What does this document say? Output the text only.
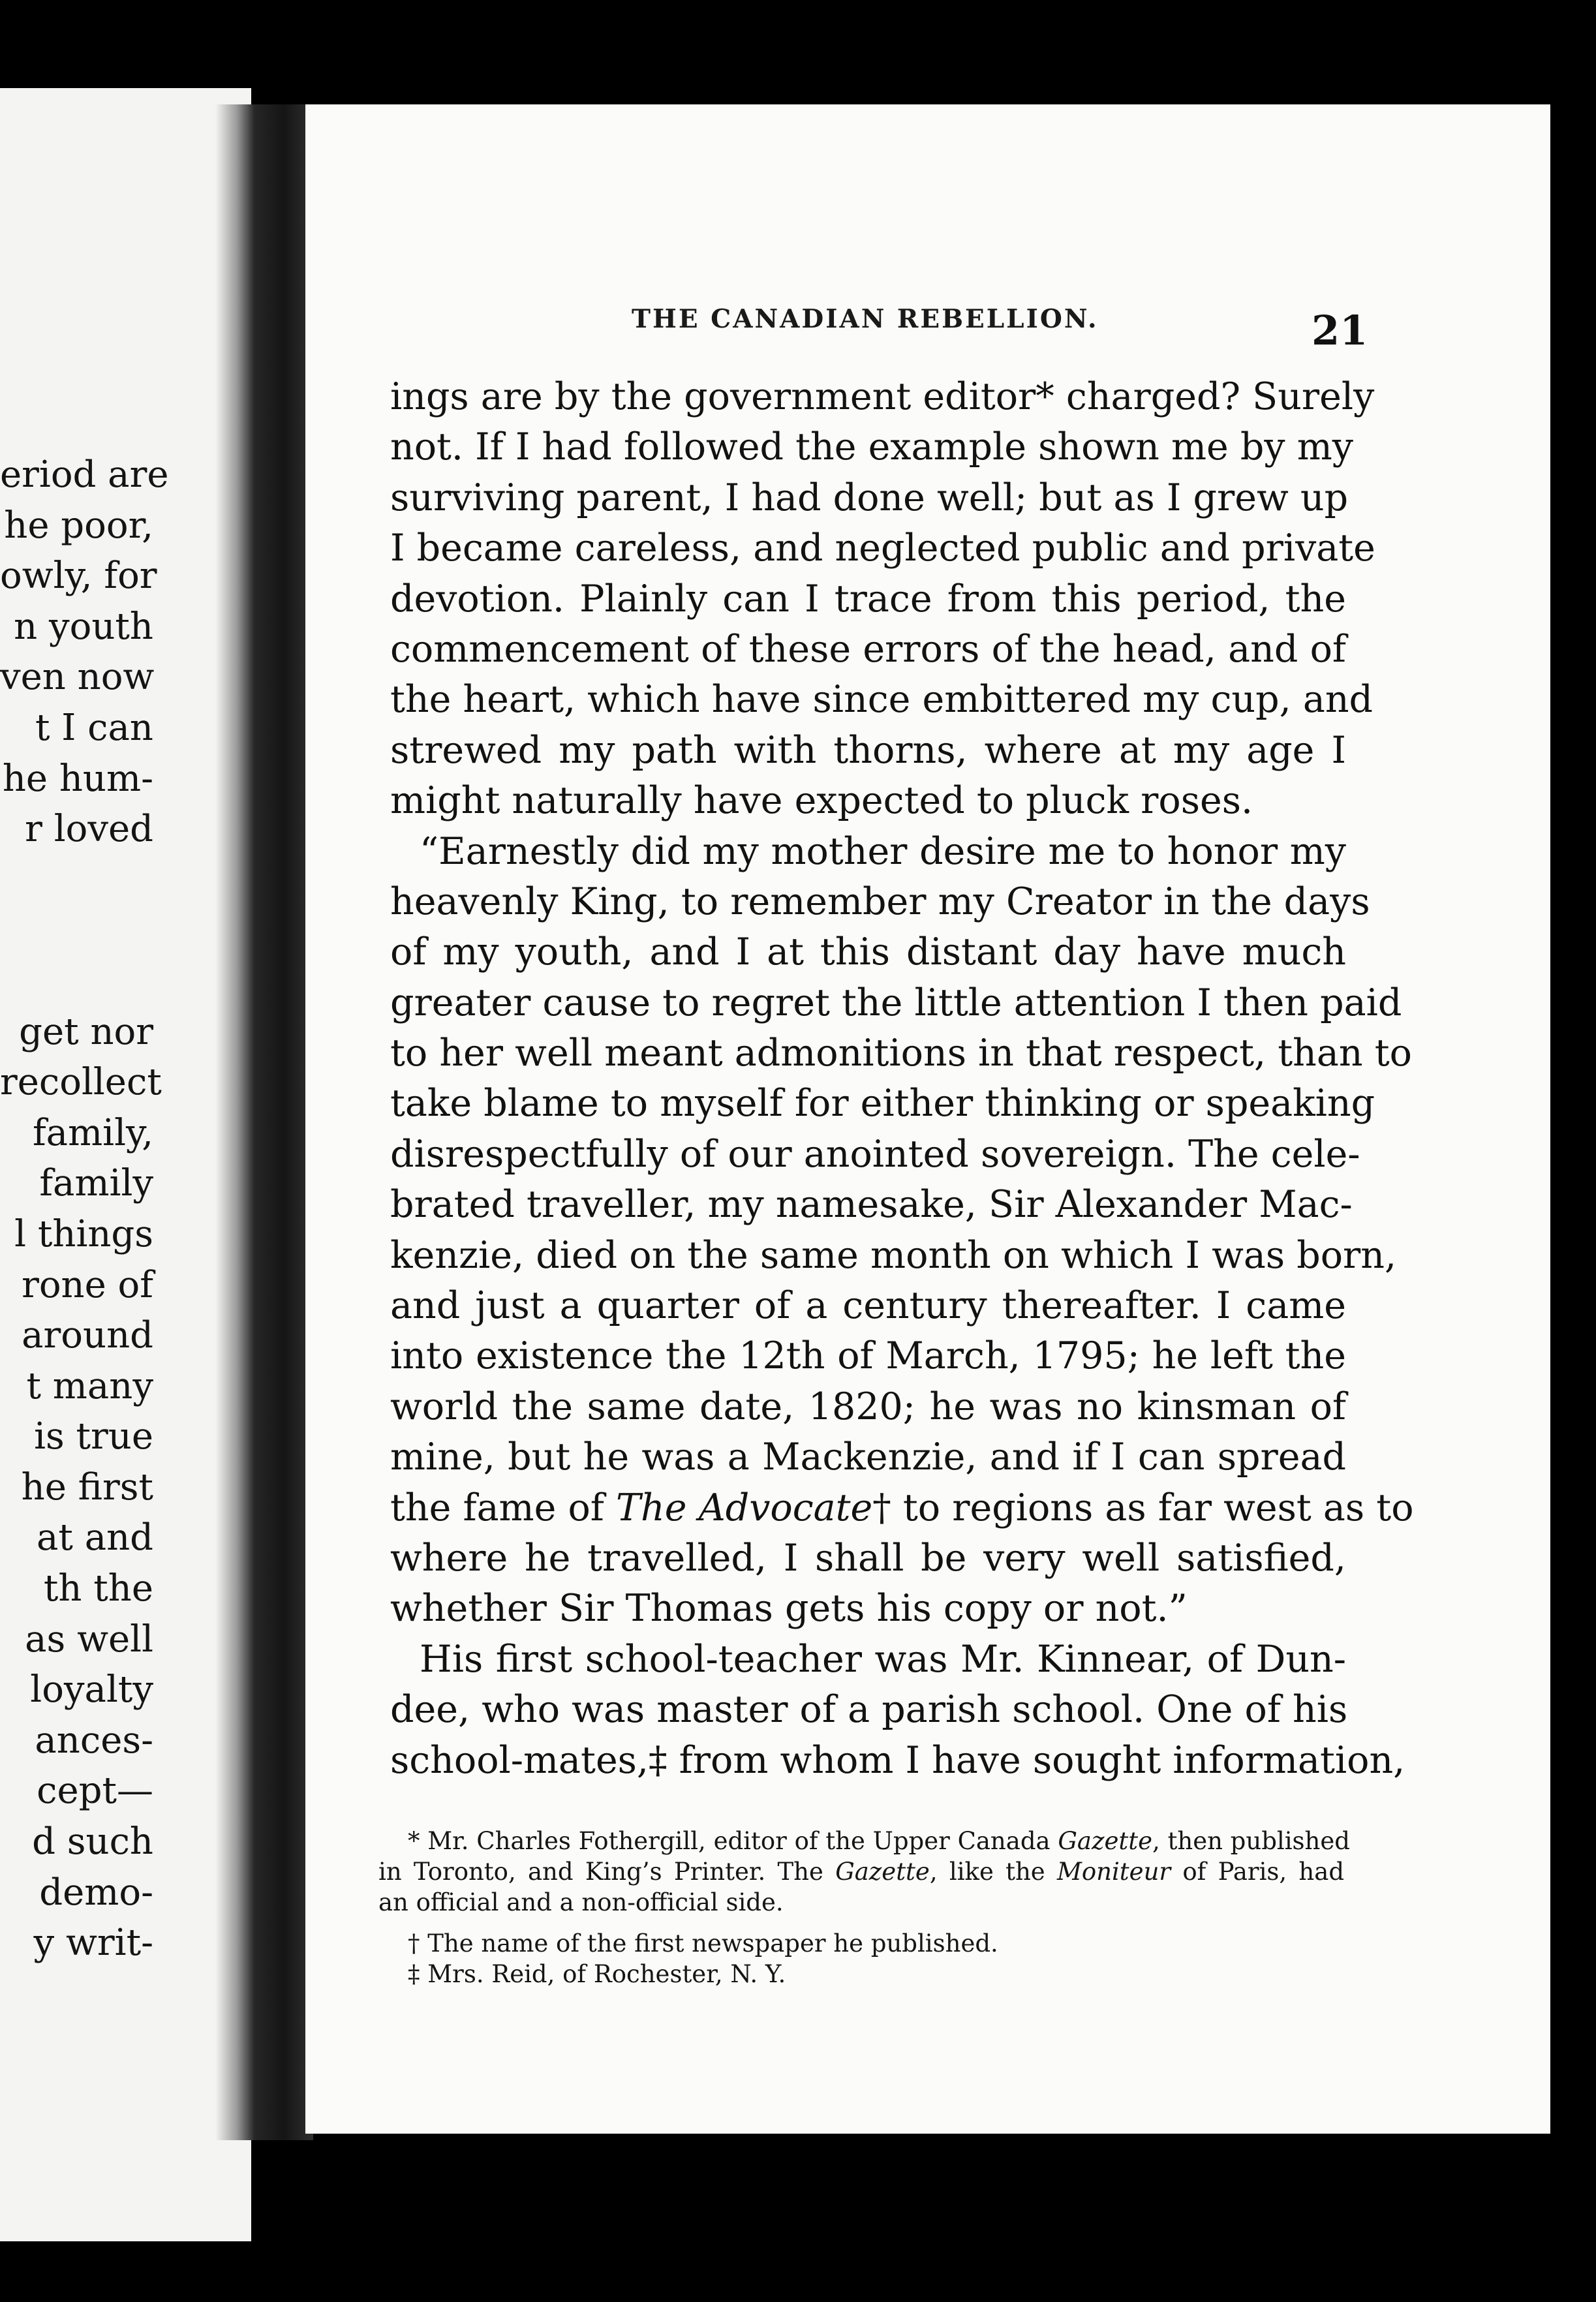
eriod are
he poor,
owly, for
n youth
ven now
t I can
he hum-
r loved
get nor
recollect
family,
family
l things
rone of
around
t many
is true
he first
at and
th the
as well
loyalty
ances-
cept—
d such
demo-
y writ-
THE CANADIAN REBELLION.	21
ings are by the government editor* charged? Surely
not. If I had followed the example shown me by my
surviving parent, I had done well; but as I grew up
I became careless, and neglected public and private
devotion. Plainly can I trace from this period, the
commencement of these errors of the head, and of
the heart, which have since embittered my cup, and
strewed my path with thorns, where at my age I
might naturally have expected to pluck roses.
“Earnestly did my mother desire me to honor my
heavenly King, to remember my Creator in the days
of my youth, and I at this distant day have much
greater cause to regret the little attention I then paid
to her well meant admonitions in that respect, than to
take blame to myself for either thinking or speaking
disrespectfully of our anointed sovereign. The cele-
brated traveller, my namesake, Sir Alexander Mac-
kenzie, died on the same month on which I was born,
and just a quarter of a century thereafter. I came
into existence the 12th of March, 1795; he left the
world the same date, 1820; he was no kinsman of
mine, but he was a Mackenzie, and if I can spread
the fame of The Advocate† to regions as far west as to
where he travelled, I shall be very well satisfied,
whether Sir Thomas gets his copy or not.”
His first school-teacher was Mr. Kinnear, of Dun-
dee, who was master of a parish school. One of his
school-mates,‡ from whom I have sought information,
* Mr. Charles Fothergill, editor of the Upper Canada Gazette, then published
in Toronto, and King’s Printer. The Gazette, like the Moniteur of Paris, had
an official and a non-official side.
† The name of the first newspaper he published.
‡ Mrs. Reid, of Rochester, N. Y.
